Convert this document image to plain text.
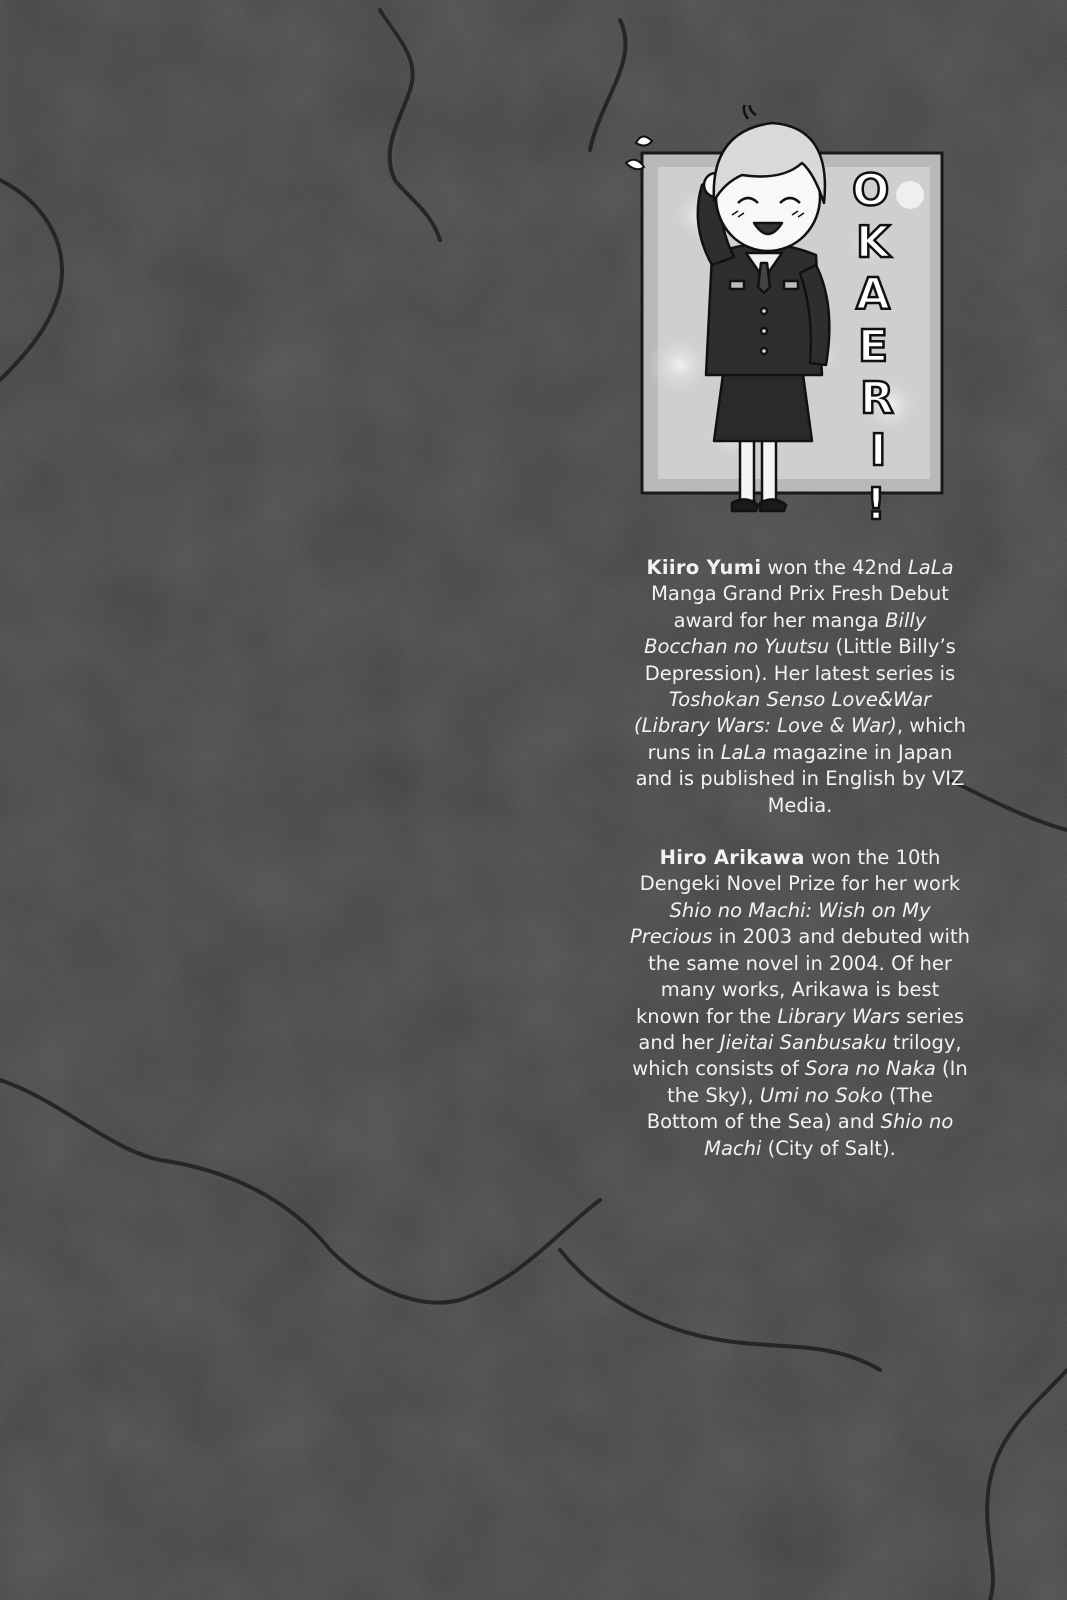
O
K
A
E
R
I
!

Kiiro Yumi won the 42nd LaLa Manga Grand Prix Fresh Debut award for her manga Billy Bocchan no Yuutsu (Little Billy’s Depression). Her latest series is Toshokan Senso Love&War (Library Wars: Love & War), which runs in LaLa magazine in Japan and is published in English by VIZ Media.

Hiro Arikawa won the 10th Dengeki Novel Prize for her work Shio no Machi: Wish on My Precious in 2003 and debuted with the same novel in 2004. Of her many works, Arikawa is best known for the Library Wars series and her Jieitai Sanbusaku trilogy, which consists of Sora no Naka (In the Sky), Umi no Soko (The Bottom of the Sea) and Shio no Machi (City of Salt).
